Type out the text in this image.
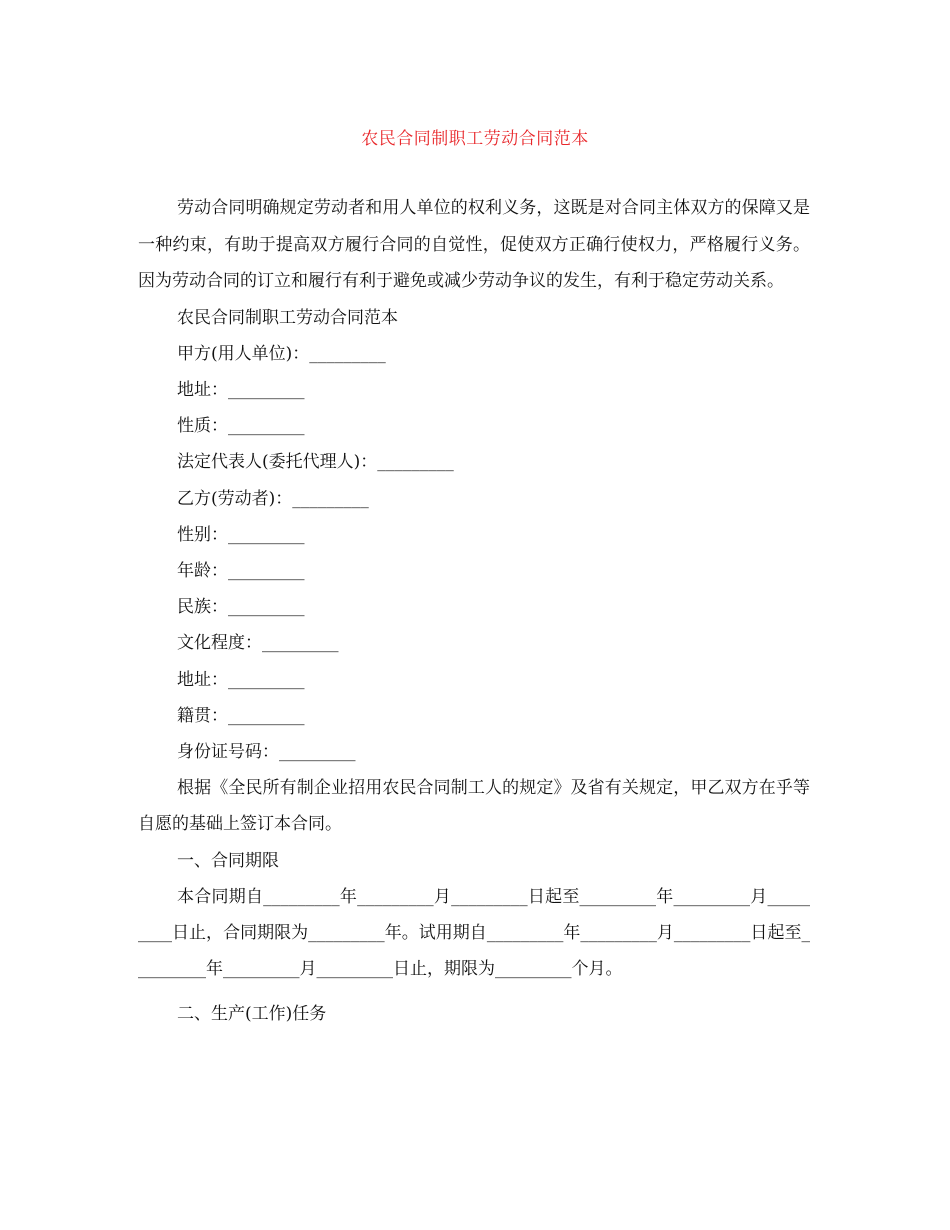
农民合同制职工劳动合同范本

劳动合同明确规定劳动者和用人单位的权利义务，这既是对合同主体双方的保障又是一种约束，有助于提高双方履行合同的自觉性，促使双方正确行使权力，严格履行义务。因为劳动合同的订立和履行有利于避免或减少劳动争议的发生，有利于稳定劳动关系。

农民合同制职工劳动合同范本

甲方(用人单位)：_________

地址：_________

性质：_________

法定代表人(委托代理人)：_________

乙方(劳动者)：_________

性别：_________

年龄：_________

民族：_________

文化程度：_________

地址：_________

籍贯：_________

身份证号码：_________

根据《全民所有制企业招用农民合同制工人的规定》及省有关规定，甲乙双方在乎等自愿的基础上签订本合同。

一、合同期限

本合同期自_________年_________月_________日起至_________年_________月_________日止，合同期限为_________年。试用期自_________年_________月_________日起至_________年_________月_________日止，期限为_________个月。

二、生产(工作)任务
